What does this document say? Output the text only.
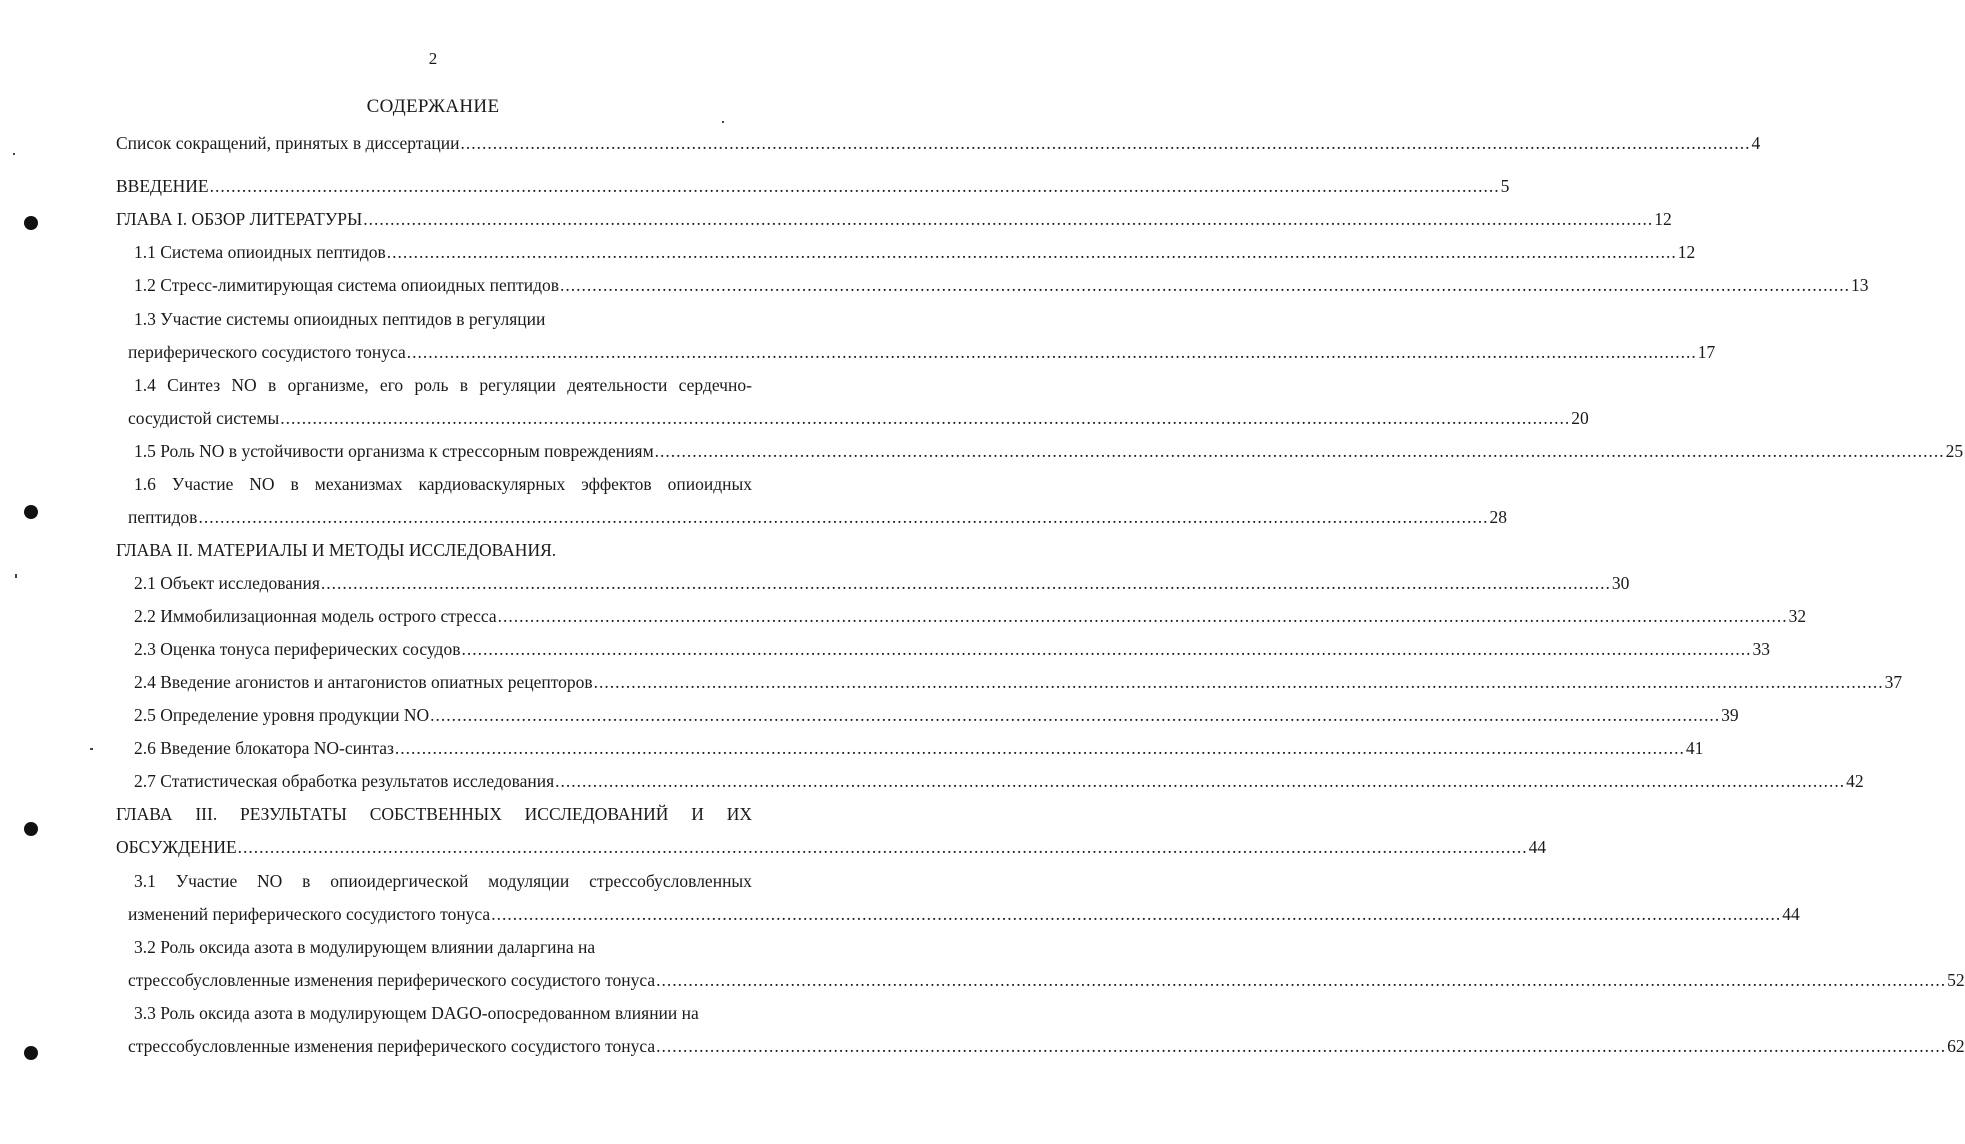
2
СОДЕРЖАНИЕ
Список сокращений, принятых в диссертации ................................................................................................................................................................................................................................................ 4
ВВЕДЕНИЕ ................................................................................................................................................................................................................................................ 5
ГЛАВА I. ОБЗОР ЛИТЕРАТУРЫ ................................................................................................................................................................................................................................................ 12
1.1 Система опиоидных пептидов ................................................................................................................................................................................................................................................ 12
1.2 Стресс-лимитирующая система опиоидных пептидов ................................................................................................................................................................................................................................................ 13
1.3 Участие системы опиоидных пептидов в регуляции
периферического сосудистого тонуса ................................................................................................................................................................................................................................................ 17
1.4 Синтез NO в организме, его роль в регуляции деятельности сердечно-
сосудистой системы ................................................................................................................................................................................................................................................ 20
1.5 Роль NO в устойчивости организма к стрессорным повреждениям ................................................................................................................................................................................................................................................ 25
1.6 Участие NO в механизмах кардиоваскулярных эффектов опиоидных
пептидов ................................................................................................................................................................................................................................................ 28
ГЛАВА II. МАТЕРИАЛЫ И МЕТОДЫ ИССЛЕДОВАНИЯ.
2.1 Объект исследования ................................................................................................................................................................................................................................................ 30
2.2 Иммобилизационная модель острого стресса ................................................................................................................................................................................................................................................ 32
2.3 Оценка тонуса периферических сосудов ................................................................................................................................................................................................................................................ 33
2.4 Введение агонистов и антагонистов опиатных рецепторов ................................................................................................................................................................................................................................................ 37
2.5 Определение уровня продукции NO ................................................................................................................................................................................................................................................ 39
2.6 Введение блокатора NO-синтаз ................................................................................................................................................................................................................................................ 41
2.7 Статистическая обработка результатов исследования ................................................................................................................................................................................................................................................ 42
ГЛАВА III. РЕЗУЛЬТАТЫ СОБСТВЕННЫХ ИССЛЕДОВАНИЙ И ИХ
ОБСУЖДЕНИЕ ................................................................................................................................................................................................................................................ 44
3.1 Участие NO в опиоидергической модуляции стрессобусловленных
изменений периферического сосудистого тонуса ................................................................................................................................................................................................................................................ 44
3.2 Роль оксида азота в модулирующем влиянии даларгина на
стрессобусловленные изменения периферического сосудистого тонуса ................................................................................................................................................................................................................................................ 52
3.3 Роль оксида азота в модулирующем DAGO-опосредованном влиянии на
стрессобусловленные изменения периферического сосудистого тонуса ................................................................................................................................................................................................................................................ 62
